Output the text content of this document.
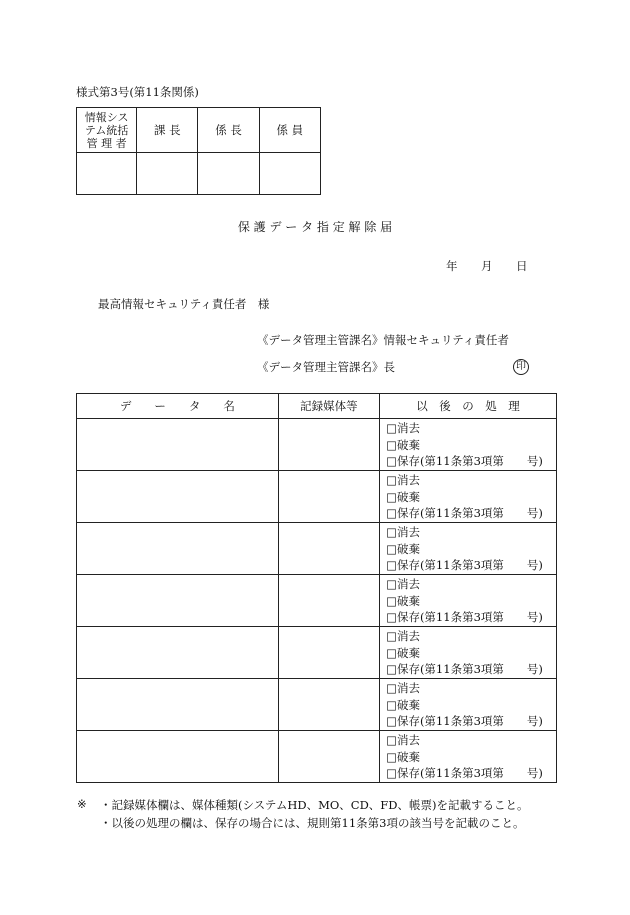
様式第3号(第11条関係)
情報シス
テム統括
管 理 者	課 長	係 長	係 員

保 護 デ ー タ 指 定 解 除 届
年 月 日
最高情報セキュリティ責任者　様
《データ管理主管課名》情報セキュリティ責任者
《データ管理主管課名》長	印
デ　　ー　　タ　　名	記録媒体等	以　後　の　処　理

		□消去
□破棄
□保存(第11条第3項第　　号)

		□消去
□破棄
□保存(第11条第3項第　　号)

		□消去
□破棄
□保存(第11条第3項第　　号)

		□消去
□破棄
□保存(第11条第3項第　　号)

		□消去
□破棄
□保存(第11条第3項第　　号)

		□消去
□破棄
□保存(第11条第3項第　　号)

		□消去
□破棄
□保存(第11条第3項第　　号)
※ ・記録媒体欄は、媒体種類(システムHD、MO、CD、FD、帳票)を記載すること。
・以後の処理の欄は、保存の場合には、規則第11条第3項の該当号を記載のこと。
